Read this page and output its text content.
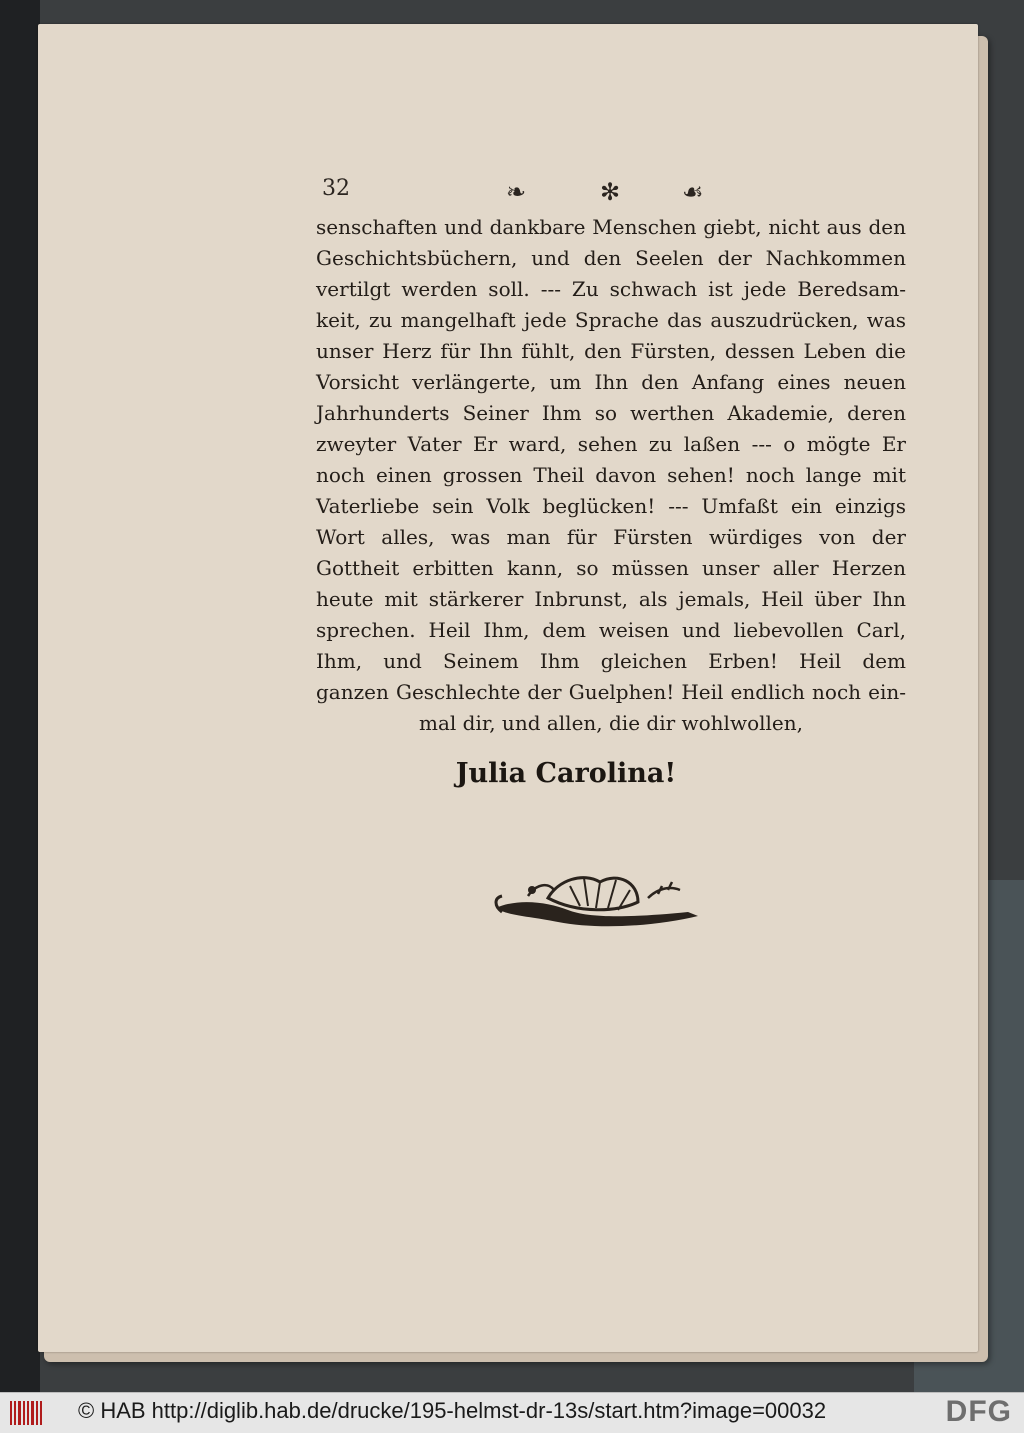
32	❧	✻	☙
senschaften und dankbare Menschen giebt, nicht aus den
Geschichtsbüchern, und den Seelen der Nachkommen
vertilgt werden soll. --- Zu schwach ist jede Beredsam-
keit, zu mangelhaft jede Sprache das auszudrücken, was
unser Herz für Ihn fühlt, den Fürsten, dessen Leben die
Vorsicht verlängerte, um Ihn den Anfang eines neuen
Jahrhunderts Seiner Ihm so werthen Akademie, deren
zweyter Vater Er ward, sehen zu laßen --- o mögte Er
noch einen grossen Theil davon sehen! noch lange mit
Vaterliebe sein Volk beglücken! --- Umfaßt ein einzigs
Wort alles, was man für Fürsten würdiges von der
Gottheit erbitten kann, so müssen unser aller Herzen
heute mit stärkerer Inbrunst, als jemals, Heil über Ihn
sprechen. Heil Ihm, dem weisen und liebevollen Carl,
Ihm, und Seinem Ihm gleichen Erben! Heil dem
ganzen Geschlechte der Guelphen! Heil endlich noch ein-
mal dir, und allen, die dir wohlwollen,
Julia Carolina!
© HAB http://diglib.hab.de/drucke/195-helmst-dr-13s/start.htm?image=00032	DFG
